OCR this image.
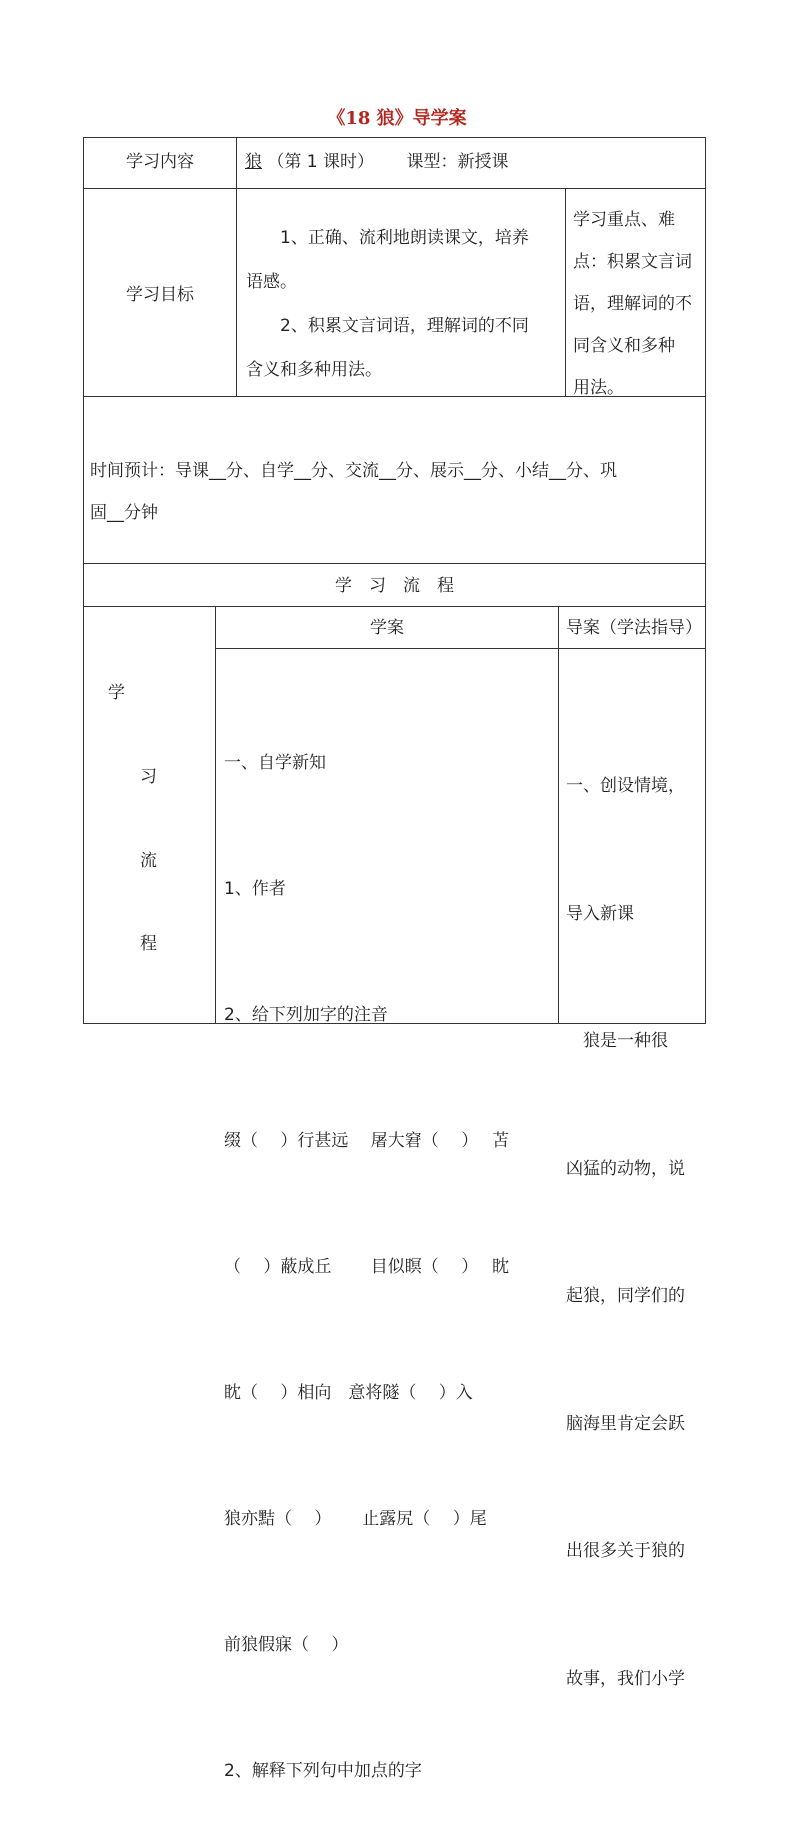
《18 狼》导学案
学习内容	狼 （第 1 课时） 课型：新授课
学习目标

1、正确、流利地朗读课文，培养

语感。

2、积累文言词语，理解词的不同

含义和多种用法。

学习重点、难

点：积累文言词

语，理解词的不

同含义和多种

用法。

时间预计：导课__分、自学__分、交流__分、展示__分、小结__分、巩

固__分钟

学　习　流　程
学
习
流
程
学案	导案（学法指导）

一、自学新知

1、作者

2、给下列加字的注音

缀（　 ）行甚远　 屠大窘（　 ）　 苫

（　 ）蔽成丘　　 目似瞑（　 ）　 眈

眈（　 ）相向　意将隧（　 ）入

狼亦黠（　 ）　　 止露尻（　 ）尾

前狼假寐（　 ）

2、解释下列句中加点的字

一、创设情境，

导入新课

　狼是一种很

凶猛的动物，说

起狼，同学们的

脑海里肯定会跃

出很多关于狼的

故事，我们小学
